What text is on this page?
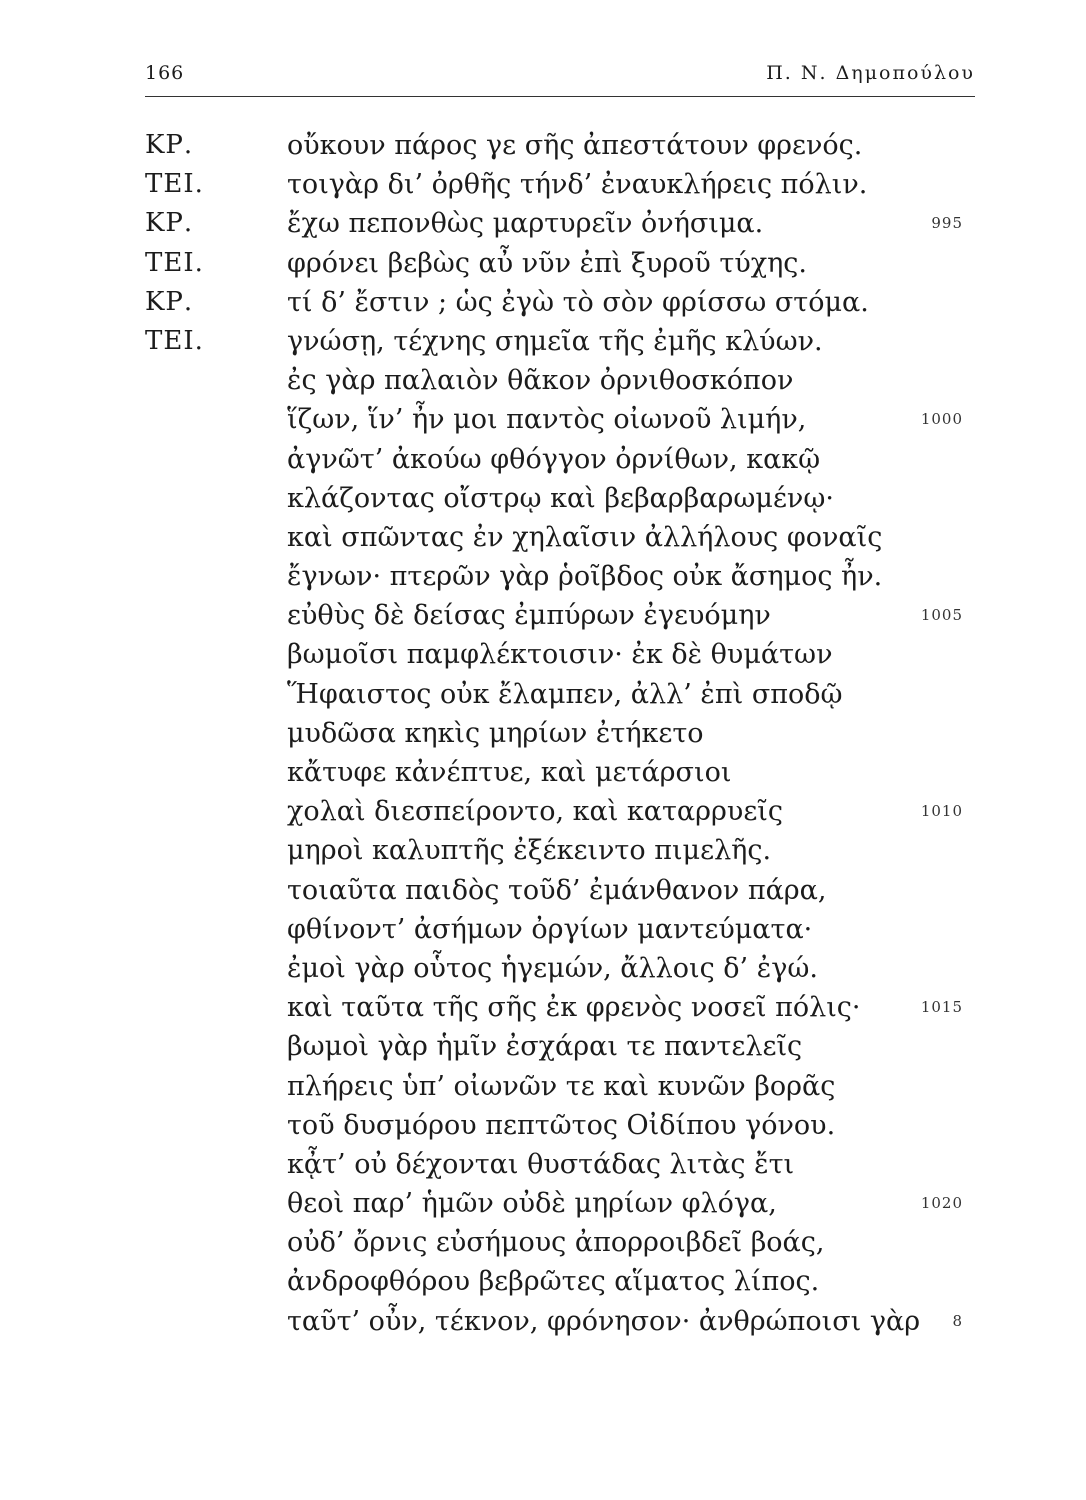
166	Π. Ν. Δημοπούλου
ΚΡ.	οὔκουν πάρος γε σῆς ἀπεστάτουν φρενός.
ΤΕΙ.	τοιγὰρ δι’ ὀρθῆς τήνδ’ ἐναυκλήρεις πόλιν.
ΚΡ.	ἔχω πεπονθὼς μαρτυρεῖν ὀνήσιμα.	995
ΤΕΙ.	φρόνει βεβὼς αὖ νῦν ἐπὶ ξυροῦ τύχης.
ΚΡ.	τί δ’ ἔστιν ; ὡς ἐγὼ τὸ σὸν φρίσσω στόμα.
ΤΕΙ.	γνώσῃ, τέχνης σημεῖα τῆς ἐμῆς κλύων.
ἐς γὰρ παλαιὸν θᾶκον ὀρνιθοσκόπον
ἵζων, ἵν’ ἦν μοι παντὸς οἰωνοῦ λιμήν,	1000
ἀγνῶτ’ ἀκούω φθόγγον ὀρνίθων, κακῷ
κλάζοντας οἴστρῳ καὶ βεβαρβαρωμένῳ·
καὶ σπῶντας ἐν χηλαῖσιν ἀλλήλους φοναῖς
ἔγνων· πτερῶν γὰρ ῥοῖβδος οὐκ ἄσημος ἦν.
εὐθὺς δὲ δείσας ἐμπύρων ἐγευόμην	1005
βωμοῖσι παμφλέκτοισιν· ἐκ δὲ θυμάτων
Ἥφαιστος οὐκ ἔλαμπεν, ἀλλ’ ἐπὶ σποδῷ
μυδῶσα κηκὶς μηρίων ἐτήκετο
κἄτυφε κἀνέπτυε, καὶ μετάρσιοι
χολαὶ διεσπείροντο, καὶ καταρρυεῖς	1010
μηροὶ καλυπτῆς ἐξέκειντο πιμελῆς.
τοιαῦτα παιδὸς τοῦδ’ ἐμάνθανον πάρα,
φθίνοντ’ ἀσήμων ὀργίων μαντεύματα·
ἐμοὶ γὰρ οὗτος ἡγεμών, ἄλλοις δ’ ἐγώ.
καὶ ταῦτα τῆς σῆς ἐκ φρενὸς νοσεῖ πόλις·	1015
βωμοὶ γὰρ ἡμῖν ἐσχάραι τε παντελεῖς
πλήρεις ὑπ’ οἰωνῶν τε καὶ κυνῶν βορᾶς
τοῦ δυσμόρου πεπτῶτος Οἰδίπου γόνου.
κᾆτ’ οὐ δέχονται θυστάδας λιτὰς ἔτι
θεοὶ παρ’ ἡμῶν οὐδὲ μηρίων φλόγα,	1020
οὐδ’ ὄρνις εὐσήμους ἀπορροιβδεῖ βοάς,
ἀνδροφθόρου βεβρῶτες αἵματος λίπος.
ταῦτ’ οὖν, τέκνον, φρόνησον· ἀνθρώποισι γὰρ 8
